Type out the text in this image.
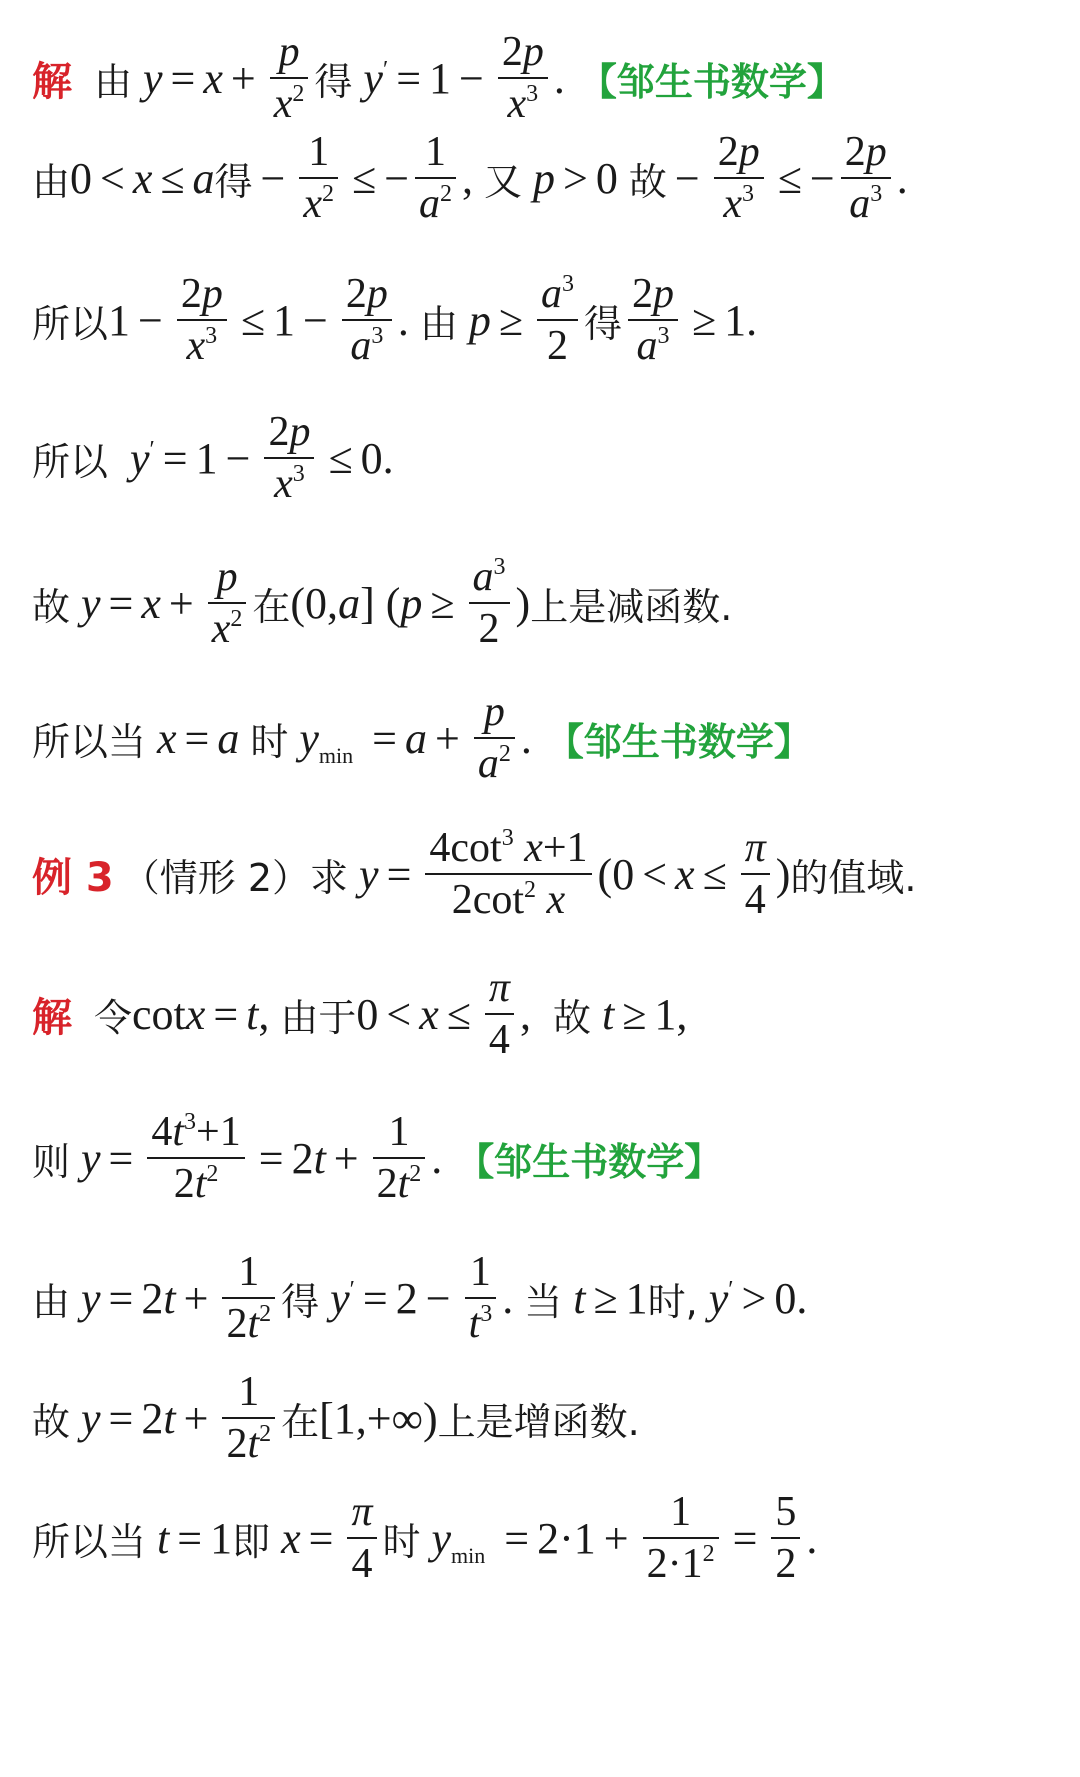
解 由 $y = x + \frac{p}{x^2}$ 得 $y' = 1 - \frac{2p}{x^3}$ . 【邹生书数学】
由 0 < x ≤ a 得 − $\frac{1}{x^2}$ ≤ − $\frac{1}{a^2}$ , 又 p > 0 故 − $\frac{2p}{x^3}$ ≤ − $\frac{2p}{a^3}$ .
所以 $1 - \frac{2p}{x^3} \le 1 - \frac{2p}{a^3}$ . 由 $p \ge \frac{a^3}{2}$ 得 $\frac{2p}{a^3} \ge 1$.
所以 $y' = 1 - \frac{2p}{x^3} \le 0$.
故 $y = x + \frac{p}{x^2}$ 在 (0,a] ($p \ge \frac{a^3}{2}$ ) 上是减函数.
所以当 x = a 时 $y_{min} = a + \frac{p}{a^2}$ . 【邹生书数学】
例 3 （情形 2）求 $y = \frac{4\cot^3 x+1}{2\cot^2 x} (0 < x \le \frac{\pi}{4}$ ) 的值域.
解 令 cotx = t, 由于 $0 < x \le \frac{\pi}{4}$ , 故 t ≥ 1,
则 $y = \frac{4t^3+1}{2t^2} = 2t + \frac{1}{2t^2}$ . 【邹生书数学】
由 $y = 2t + \frac{1}{2t^2}$ 得 $y' = 2 - \frac{1}{t^3}$ . 当 t ≥ 1 时, y′ > 0.
故 $y = 2t + \frac{1}{2t^2}$ 在 [1,+∞) 上是增函数.
所以当 t = 1 即 $x = \frac{\pi}{4}$ 时 $y_{min} = 2\cdot 1 + \frac{1}{2\cdot 1^2} = \frac{5}{2}$ .
